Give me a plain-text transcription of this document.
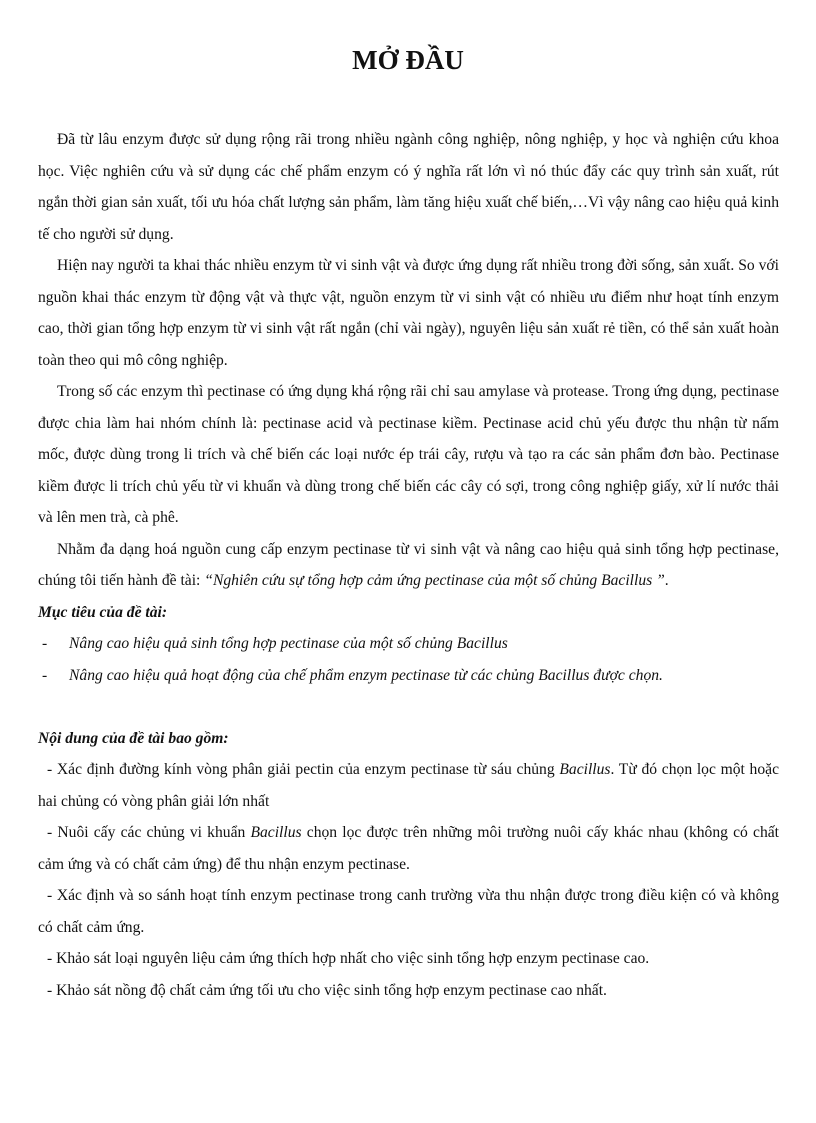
MỞ ĐẦU

Đã từ lâu enzym được sử dụng rộng rãi trong nhiều ngành công nghiệp, nông nghiệp, y học và nghiện cứu khoa học. Việc nghiên cứu và sử dụng các chế phẩm enzym có ý nghĩa rất lớn vì nó thúc đẩy các quy trình sản xuất, rút ngắn thời gian sản xuất, tối ưu hóa chất lượng sản phẩm, làm tăng hiệu xuất chế biến,…Vì vậy nâng cao hiệu quả kinh tế cho người sử dụng.

Hiện nay người ta khai thác nhiều enzym từ vi sinh vật và được ứng dụng rất nhiều trong đời sống, sản xuất. So với nguồn khai thác enzym từ động vật và thực vật, nguồn enzym từ vi sinh vật có nhiều ưu điểm như hoạt tính enzym cao, thời gian tổng hợp enzym từ vi sinh vật rất ngắn (chỉ vài ngày), nguyên liệu sản xuất rẻ tiền, có thể sản xuất hoàn toàn theo qui mô công nghiệp.

Trong số các enzym thì pectinase có ứng dụng khá rộng rãi chỉ sau amylase và protease. Trong ứng dụng, pectinase được chia làm hai nhóm chính là: pectinase acid và pectinase kiềm. Pectinase acid chủ yếu được thu nhận từ nấm mốc, được dùng trong li trích và chế biến các loại nước ép trái cây, rượu và tạo ra các sản phẩm đơn bào. Pectinase kiềm được li trích chủ yếu từ vi khuẩn và dùng trong chế biến các cây có sợi, trong công nghiệp giấy, xử lí nước thải và lên men trà, cà phê.

Nhằm đa dạng hoá nguồn cung cấp enzym pectinase từ vi sinh vật và nâng cao hiệu quả sinh tổng hợp pectinase, chúng tôi tiến hành đề tài: “Nghiên cứu sự tổng hợp cảm ứng pectinase của một số chủng Bacillus ”.

Mục tiêu của đề tài:

-	Nâng cao hiệu quả sinh tổng hợp pectinase của một số chủng Bacillus
-	Nâng cao hiệu quả hoạt động của chế phẩm enzym pectinase từ các chủng Bacillus được chọn.

Nội dung của đề tài bao gồm:

- Xác định đường kính vòng phân giải pectin của enzym pectinase từ sáu chủng Bacillus. Từ đó chọn lọc một hoặc hai chủng có vòng phân giải lớn nhất

- Nuôi cấy các chủng vi khuẩn Bacillus chọn lọc được trên những môi trường nuôi cấy khác nhau (không có chất cảm ứng và có chất cảm ứng) để thu nhận enzym pectinase.

- Xác định và so sánh hoạt tính enzym pectinase trong canh trường vừa thu nhận được trong điều kiện có và không có chất cảm ứng.

- Khảo sát loại nguyên liệu cảm ứng thích hợp nhất cho việc sinh tổng hợp enzym pectinase cao.

- Khảo sát nồng độ chất cảm ứng tối ưu cho việc sinh tổng hợp enzym pectinase cao nhất.
